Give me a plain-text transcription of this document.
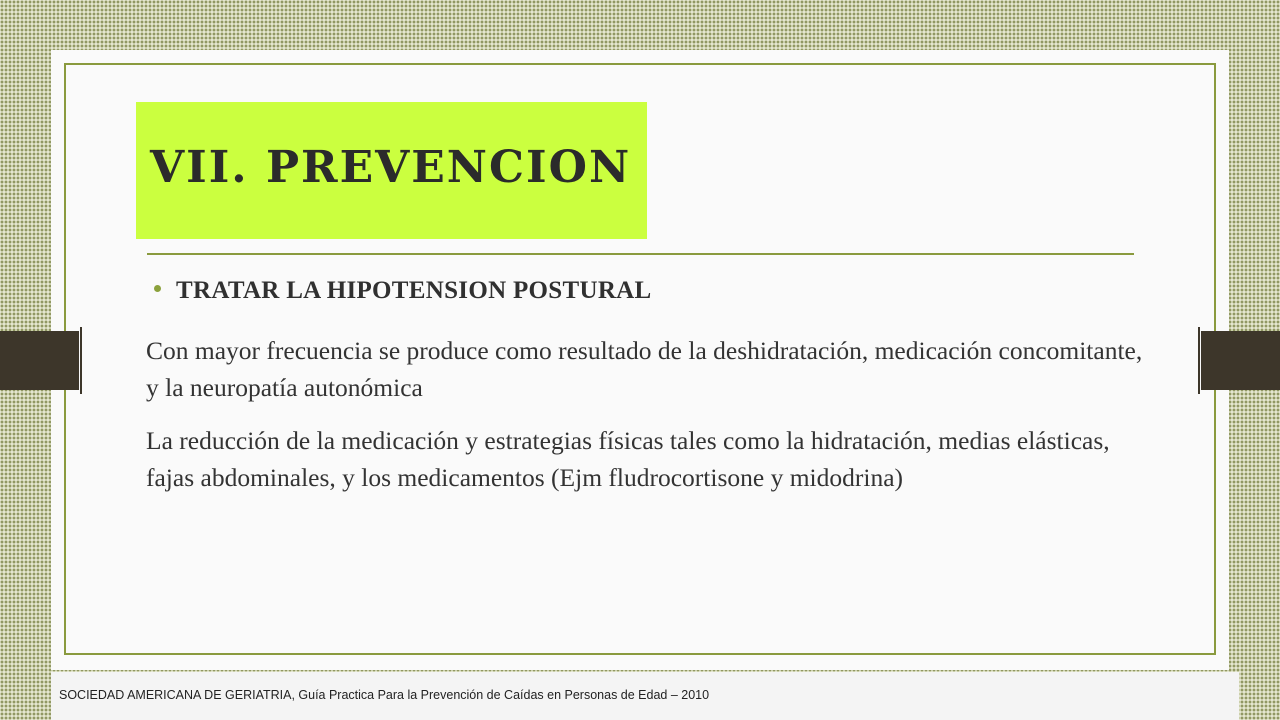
VII. PREVENCION
TRATAR LA HIPOTENSION POSTURAL
Con mayor frecuencia se produce como resultado de la deshidratación, medicación concomitante, y la neuropatía autonómica
La reducción de la medicación y estrategias físicas tales como la hidratación, medias elásticas, fajas abdominales, y los medicamentos (Ejm fludrocortisone y midodrina)
SOCIEDAD AMERICANA DE GERIATRIA, Guía Practica Para la Prevención de Caídas en Personas de Edad – 2010
